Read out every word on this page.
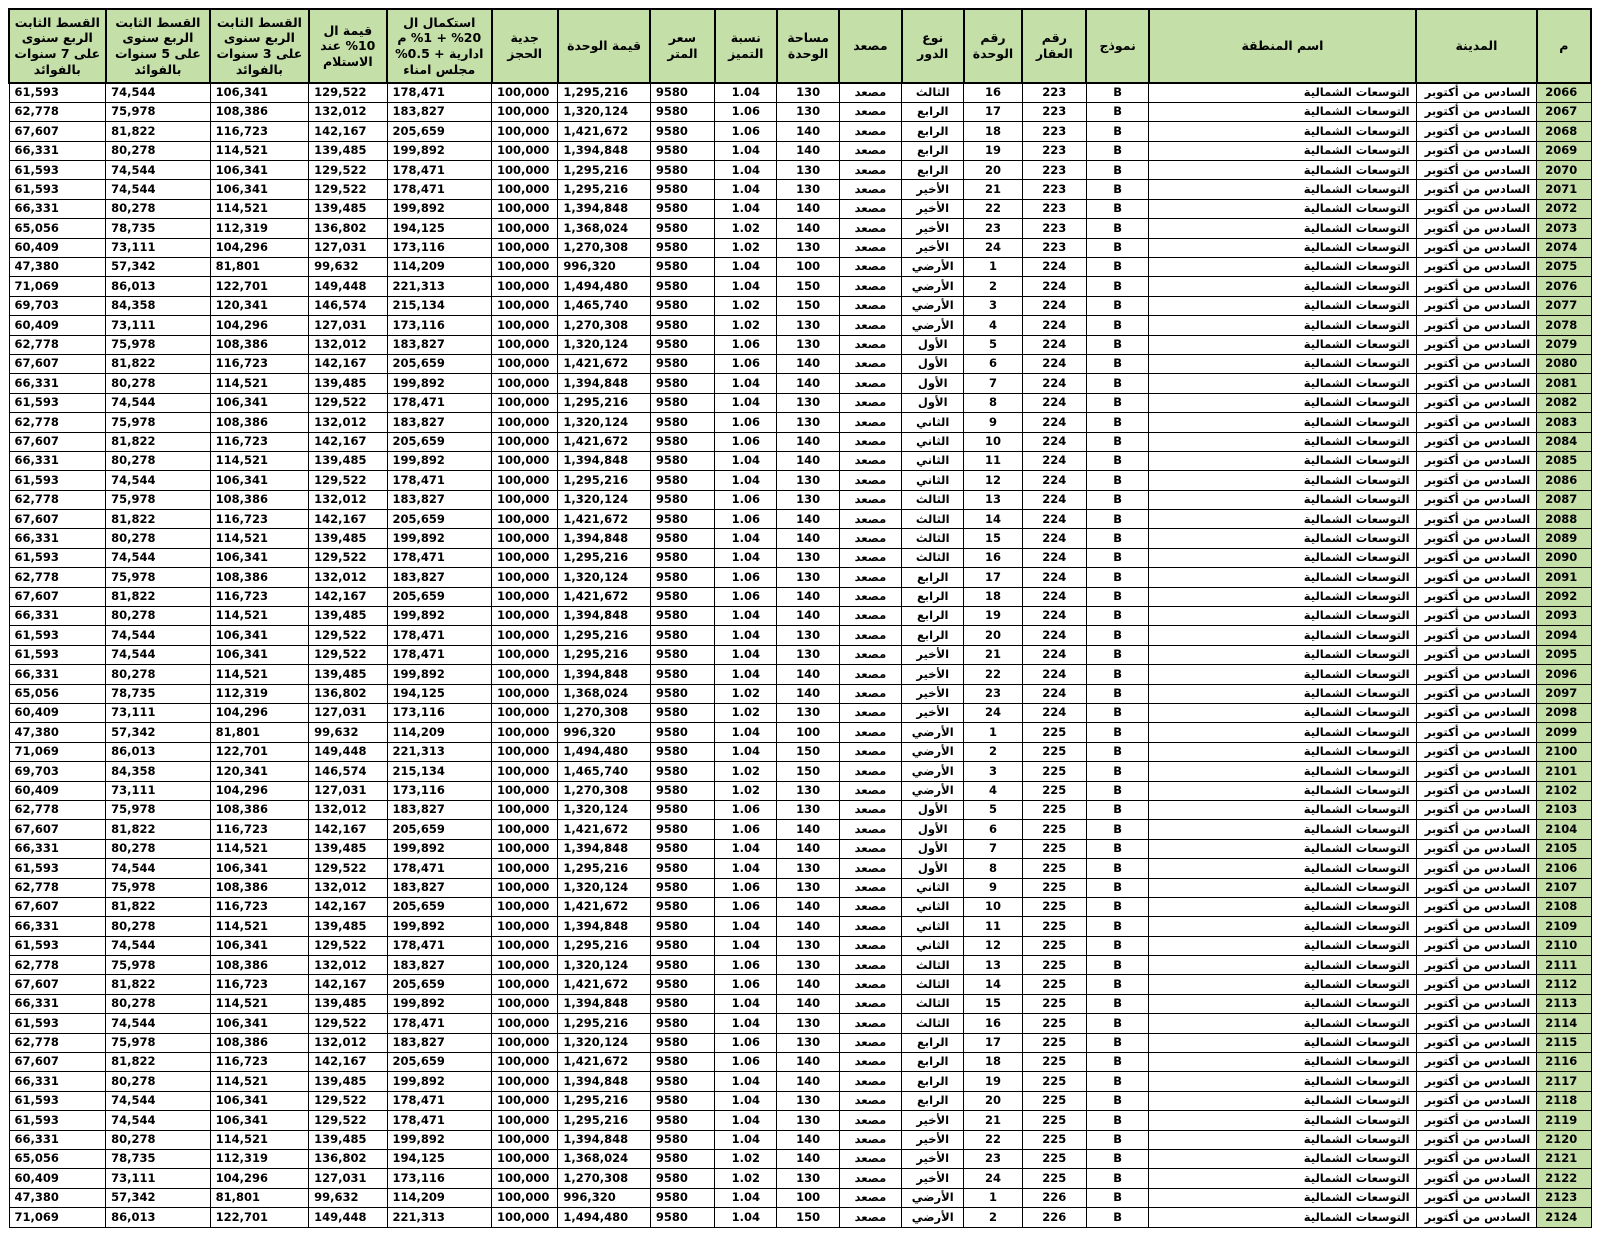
م	المدينة	اسم المنطقة	نموذج	رقم العقار	رقم الوحدة	نوع الدور	مصعد	مساحة الوحدة	نسبة التميز	سعر المتر	قيمة الوحدة	جدية الحجز	استكمال ال 20% + 1% م ادارية + 0.5% مجلس امناء	قيمة ال 10% عند الاستلام	القسط الثابت الربع سنوى على 3 سنوات بالفوائد	القسط الثابت الربع سنوى على 5 سنوات بالفوائد	القسط الثابت الربع سنوى على 7 سنوات بالفوائد
2066	السادس من أكتوبر	التوسعات الشمالية	B	223	16	الثالث	مصعد	130	1.04	9580	1,295,216	100,000	178,471	129,522	106,341	74,544	61,593
2067	السادس من أكتوبر	التوسعات الشمالية	B	223	17	الرابع	مصعد	130	1.06	9580	1,320,124	100,000	183,827	132,012	108,386	75,978	62,778
2068	السادس من أكتوبر	التوسعات الشمالية	B	223	18	الرابع	مصعد	140	1.06	9580	1,421,672	100,000	205,659	142,167	116,723	81,822	67,607
2069	السادس من أكتوبر	التوسعات الشمالية	B	223	19	الرابع	مصعد	140	1.04	9580	1,394,848	100,000	199,892	139,485	114,521	80,278	66,331
2070	السادس من أكتوبر	التوسعات الشمالية	B	223	20	الرابع	مصعد	130	1.04	9580	1,295,216	100,000	178,471	129,522	106,341	74,544	61,593
2071	السادس من أكتوبر	التوسعات الشمالية	B	223	21	الأخير	مصعد	130	1.04	9580	1,295,216	100,000	178,471	129,522	106,341	74,544	61,593
2072	السادس من أكتوبر	التوسعات الشمالية	B	223	22	الأخير	مصعد	140	1.04	9580	1,394,848	100,000	199,892	139,485	114,521	80,278	66,331
2073	السادس من أكتوبر	التوسعات الشمالية	B	223	23	الأخير	مصعد	140	1.02	9580	1,368,024	100,000	194,125	136,802	112,319	78,735	65,056
2074	السادس من أكتوبر	التوسعات الشمالية	B	223	24	الأخير	مصعد	130	1.02	9580	1,270,308	100,000	173,116	127,031	104,296	73,111	60,409
2075	السادس من أكتوبر	التوسعات الشمالية	B	224	1	الأرضي	مصعد	100	1.04	9580	996,320	100,000	114,209	99,632	81,801	57,342	47,380
2076	السادس من أكتوبر	التوسعات الشمالية	B	224	2	الأرضي	مصعد	150	1.04	9580	1,494,480	100,000	221,313	149,448	122,701	86,013	71,069
2077	السادس من أكتوبر	التوسعات الشمالية	B	224	3	الأرضي	مصعد	150	1.02	9580	1,465,740	100,000	215,134	146,574	120,341	84,358	69,703
2078	السادس من أكتوبر	التوسعات الشمالية	B	224	4	الأرضي	مصعد	130	1.02	9580	1,270,308	100,000	173,116	127,031	104,296	73,111	60,409
2079	السادس من أكتوبر	التوسعات الشمالية	B	224	5	الأول	مصعد	130	1.06	9580	1,320,124	100,000	183,827	132,012	108,386	75,978	62,778
2080	السادس من أكتوبر	التوسعات الشمالية	B	224	6	الأول	مصعد	140	1.06	9580	1,421,672	100,000	205,659	142,167	116,723	81,822	67,607
2081	السادس من أكتوبر	التوسعات الشمالية	B	224	7	الأول	مصعد	140	1.04	9580	1,394,848	100,000	199,892	139,485	114,521	80,278	66,331
2082	السادس من أكتوبر	التوسعات الشمالية	B	224	8	الأول	مصعد	130	1.04	9580	1,295,216	100,000	178,471	129,522	106,341	74,544	61,593
2083	السادس من أكتوبر	التوسعات الشمالية	B	224	9	الثاني	مصعد	130	1.06	9580	1,320,124	100,000	183,827	132,012	108,386	75,978	62,778
2084	السادس من أكتوبر	التوسعات الشمالية	B	224	10	الثاني	مصعد	140	1.06	9580	1,421,672	100,000	205,659	142,167	116,723	81,822	67,607
2085	السادس من أكتوبر	التوسعات الشمالية	B	224	11	الثاني	مصعد	140	1.04	9580	1,394,848	100,000	199,892	139,485	114,521	80,278	66,331
2086	السادس من أكتوبر	التوسعات الشمالية	B	224	12	الثاني	مصعد	130	1.04	9580	1,295,216	100,000	178,471	129,522	106,341	74,544	61,593
2087	السادس من أكتوبر	التوسعات الشمالية	B	224	13	الثالث	مصعد	130	1.06	9580	1,320,124	100,000	183,827	132,012	108,386	75,978	62,778
2088	السادس من أكتوبر	التوسعات الشمالية	B	224	14	الثالث	مصعد	140	1.06	9580	1,421,672	100,000	205,659	142,167	116,723	81,822	67,607
2089	السادس من أكتوبر	التوسعات الشمالية	B	224	15	الثالث	مصعد	140	1.04	9580	1,394,848	100,000	199,892	139,485	114,521	80,278	66,331
2090	السادس من أكتوبر	التوسعات الشمالية	B	224	16	الثالث	مصعد	130	1.04	9580	1,295,216	100,000	178,471	129,522	106,341	74,544	61,593
2091	السادس من أكتوبر	التوسعات الشمالية	B	224	17	الرابع	مصعد	130	1.06	9580	1,320,124	100,000	183,827	132,012	108,386	75,978	62,778
2092	السادس من أكتوبر	التوسعات الشمالية	B	224	18	الرابع	مصعد	140	1.06	9580	1,421,672	100,000	205,659	142,167	116,723	81,822	67,607
2093	السادس من أكتوبر	التوسعات الشمالية	B	224	19	الرابع	مصعد	140	1.04	9580	1,394,848	100,000	199,892	139,485	114,521	80,278	66,331
2094	السادس من أكتوبر	التوسعات الشمالية	B	224	20	الرابع	مصعد	130	1.04	9580	1,295,216	100,000	178,471	129,522	106,341	74,544	61,593
2095	السادس من أكتوبر	التوسعات الشمالية	B	224	21	الأخير	مصعد	130	1.04	9580	1,295,216	100,000	178,471	129,522	106,341	74,544	61,593
2096	السادس من أكتوبر	التوسعات الشمالية	B	224	22	الأخير	مصعد	140	1.04	9580	1,394,848	100,000	199,892	139,485	114,521	80,278	66,331
2097	السادس من أكتوبر	التوسعات الشمالية	B	224	23	الأخير	مصعد	140	1.02	9580	1,368,024	100,000	194,125	136,802	112,319	78,735	65,056
2098	السادس من أكتوبر	التوسعات الشمالية	B	224	24	الأخير	مصعد	130	1.02	9580	1,270,308	100,000	173,116	127,031	104,296	73,111	60,409
2099	السادس من أكتوبر	التوسعات الشمالية	B	225	1	الأرضي	مصعد	100	1.04	9580	996,320	100,000	114,209	99,632	81,801	57,342	47,380
2100	السادس من أكتوبر	التوسعات الشمالية	B	225	2	الأرضي	مصعد	150	1.04	9580	1,494,480	100,000	221,313	149,448	122,701	86,013	71,069
2101	السادس من أكتوبر	التوسعات الشمالية	B	225	3	الأرضي	مصعد	150	1.02	9580	1,465,740	100,000	215,134	146,574	120,341	84,358	69,703
2102	السادس من أكتوبر	التوسعات الشمالية	B	225	4	الأرضي	مصعد	130	1.02	9580	1,270,308	100,000	173,116	127,031	104,296	73,111	60,409
2103	السادس من أكتوبر	التوسعات الشمالية	B	225	5	الأول	مصعد	130	1.06	9580	1,320,124	100,000	183,827	132,012	108,386	75,978	62,778
2104	السادس من أكتوبر	التوسعات الشمالية	B	225	6	الأول	مصعد	140	1.06	9580	1,421,672	100,000	205,659	142,167	116,723	81,822	67,607
2105	السادس من أكتوبر	التوسعات الشمالية	B	225	7	الأول	مصعد	140	1.04	9580	1,394,848	100,000	199,892	139,485	114,521	80,278	66,331
2106	السادس من أكتوبر	التوسعات الشمالية	B	225	8	الأول	مصعد	130	1.04	9580	1,295,216	100,000	178,471	129,522	106,341	74,544	61,593
2107	السادس من أكتوبر	التوسعات الشمالية	B	225	9	الثاني	مصعد	130	1.06	9580	1,320,124	100,000	183,827	132,012	108,386	75,978	62,778
2108	السادس من أكتوبر	التوسعات الشمالية	B	225	10	الثاني	مصعد	140	1.06	9580	1,421,672	100,000	205,659	142,167	116,723	81,822	67,607
2109	السادس من أكتوبر	التوسعات الشمالية	B	225	11	الثاني	مصعد	140	1.04	9580	1,394,848	100,000	199,892	139,485	114,521	80,278	66,331
2110	السادس من أكتوبر	التوسعات الشمالية	B	225	12	الثاني	مصعد	130	1.04	9580	1,295,216	100,000	178,471	129,522	106,341	74,544	61,593
2111	السادس من أكتوبر	التوسعات الشمالية	B	225	13	الثالث	مصعد	130	1.06	9580	1,320,124	100,000	183,827	132,012	108,386	75,978	62,778
2112	السادس من أكتوبر	التوسعات الشمالية	B	225	14	الثالث	مصعد	140	1.06	9580	1,421,672	100,000	205,659	142,167	116,723	81,822	67,607
2113	السادس من أكتوبر	التوسعات الشمالية	B	225	15	الثالث	مصعد	140	1.04	9580	1,394,848	100,000	199,892	139,485	114,521	80,278	66,331
2114	السادس من أكتوبر	التوسعات الشمالية	B	225	16	الثالث	مصعد	130	1.04	9580	1,295,216	100,000	178,471	129,522	106,341	74,544	61,593
2115	السادس من أكتوبر	التوسعات الشمالية	B	225	17	الرابع	مصعد	130	1.06	9580	1,320,124	100,000	183,827	132,012	108,386	75,978	62,778
2116	السادس من أكتوبر	التوسعات الشمالية	B	225	18	الرابع	مصعد	140	1.06	9580	1,421,672	100,000	205,659	142,167	116,723	81,822	67,607
2117	السادس من أكتوبر	التوسعات الشمالية	B	225	19	الرابع	مصعد	140	1.04	9580	1,394,848	100,000	199,892	139,485	114,521	80,278	66,331
2118	السادس من أكتوبر	التوسعات الشمالية	B	225	20	الرابع	مصعد	130	1.04	9580	1,295,216	100,000	178,471	129,522	106,341	74,544	61,593
2119	السادس من أكتوبر	التوسعات الشمالية	B	225	21	الأخير	مصعد	130	1.04	9580	1,295,216	100,000	178,471	129,522	106,341	74,544	61,593
2120	السادس من أكتوبر	التوسعات الشمالية	B	225	22	الأخير	مصعد	140	1.04	9580	1,394,848	100,000	199,892	139,485	114,521	80,278	66,331
2121	السادس من أكتوبر	التوسعات الشمالية	B	225	23	الأخير	مصعد	140	1.02	9580	1,368,024	100,000	194,125	136,802	112,319	78,735	65,056
2122	السادس من أكتوبر	التوسعات الشمالية	B	225	24	الأخير	مصعد	130	1.02	9580	1,270,308	100,000	173,116	127,031	104,296	73,111	60,409
2123	السادس من أكتوبر	التوسعات الشمالية	B	226	1	الأرضي	مصعد	100	1.04	9580	996,320	100,000	114,209	99,632	81,801	57,342	47,380
2124	السادس من أكتوبر	التوسعات الشمالية	B	226	2	الأرضي	مصعد	150	1.04	9580	1,494,480	100,000	221,313	149,448	122,701	86,013	71,069
